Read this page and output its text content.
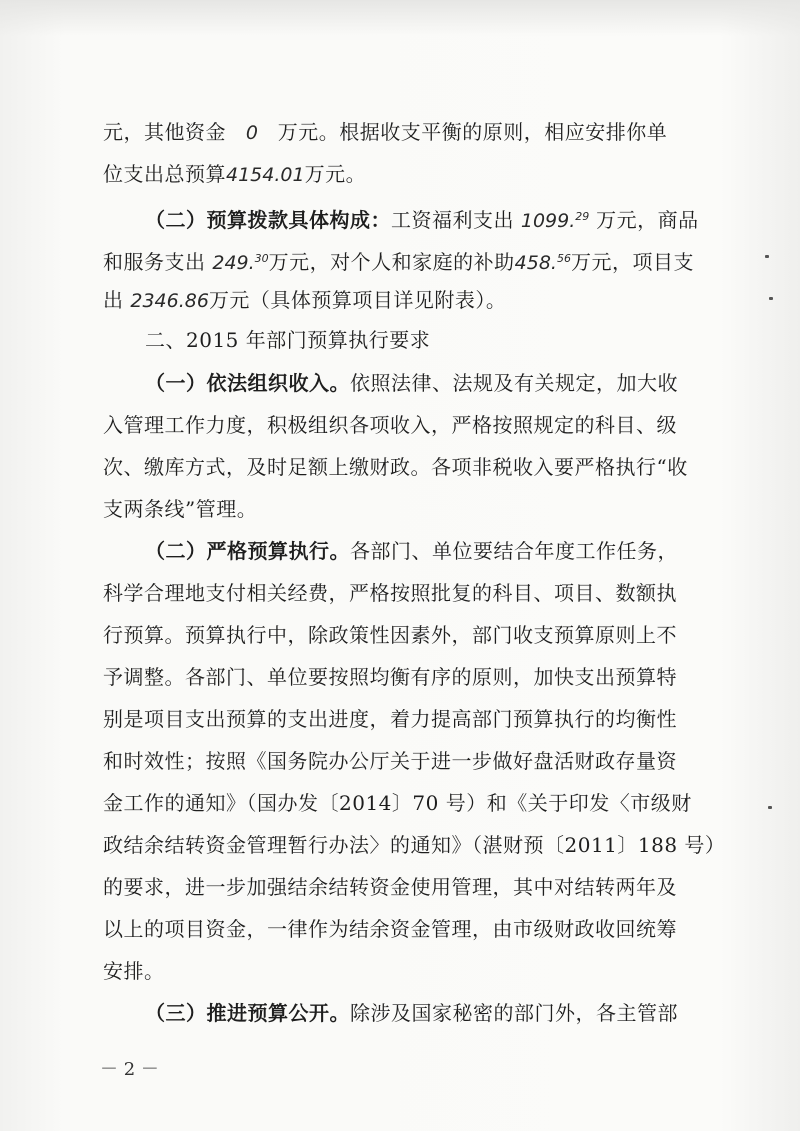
元，其他资金 0 万元。根据收支平衡的原则，相应安排你单
位支出总预算4154.01万元。
（二）预算拨款具体构成：工资福利支出 1099.29 万元，商品
和服务支出 249.30万元，对个人和家庭的补助458.56万元，项目支
出 2346.86万元（具体预算项目详见附表）。
二、2015 年部门预算执行要求
（一）依法组织收入。依照法律、法规及有关规定，加大收
入管理工作力度，积极组织各项收入，严格按照规定的科目、级
次、缴库方式，及时足额上缴财政。各项非税收入要严格执行“收
支两条线”管理。
（二）严格预算执行。各部门、单位要结合年度工作任务，
科学合理地支付相关经费，严格按照批复的科目、项目、数额执
行预算。预算执行中，除政策性因素外，部门收支预算原则上不
予调整。各部门、单位要按照均衡有序的原则，加快支出预算特
别是项目支出预算的支出进度，着力提高部门预算执行的均衡性
和时效性；按照《国务院办公厅关于进一步做好盘活财政存量资
金工作的通知》（国办发〔2014〕70 号）和《关于印发〈市级财
政结余结转资金管理暂行办法〉的通知》（湛财预〔2011〕188 号）
的要求，进一步加强结余结转资金使用管理，其中对结转两年及
以上的项目资金，一律作为结余资金管理，由市级财政收回统筹
安排。
（三）推进预算公开。除涉及国家秘密的部门外，各主管部
－ 2 －
